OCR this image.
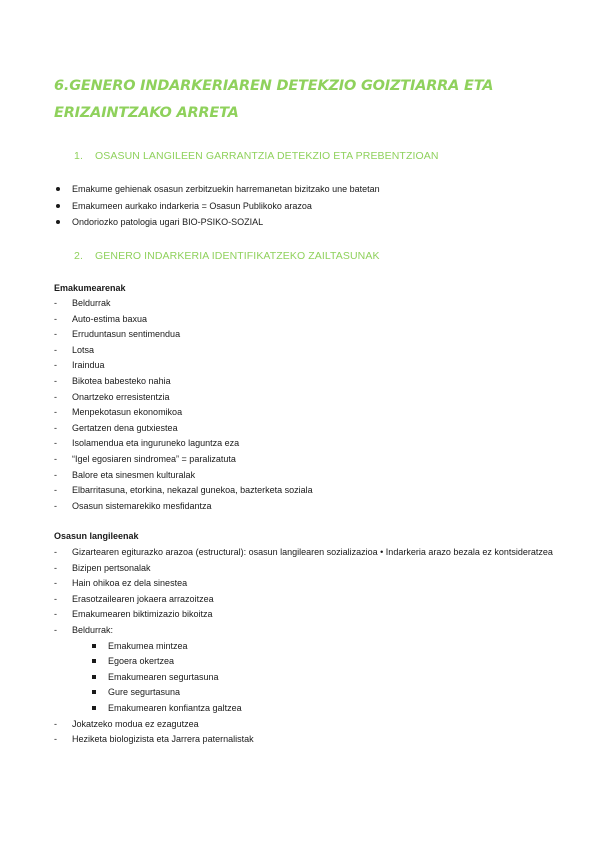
6.GENERO INDARKERIAREN DETEKZIO GOIZTIARRA ETA ERIZAINTZAKO ARRETA
1. OSASUN LANGILEEN GARRANTZIA DETEKZIO ETA PREBENTZIOAN
Emakume gehienak osasun zerbitzuekin harremanetan bizitzako une batetan
Emakumeen aurkako indarkeria = Osasun Publikoko arazoa
Ondoriozko patologia ugari BIO-PSIKO-SOZIAL
2. GENERO INDARKERIA IDENTIFIKATZEKO ZAILTASUNAK
Emakumearenak
- Beldurrak
- Auto-estima baxua
- Erruduntasun sentimendua
- Lotsa
- Iraindua
- Bikotea babesteko nahia
- Onartzeko erresistentzia
- Menpekotasun ekonomikoa
- Gertatzen dena gutxiestea
- Isolamendua eta inguruneko laguntza eza
- “Igel egosiaren sindromea” = paralizatuta
- Balore eta sinesmen kulturalak
- Elbarritasuna, etorkina, nekazal gunekoa, bazterketa soziala
- Osasun sistemarekiko mesfidantza
Osasun langileenak
- Gizartearen egiturazko arazoa (estructural): osasun langilearen sozializazioa • Indarkeria arazo bezala ez kontsideratzea
- Bizipen pertsonalak
- Hain ohikoa ez dela sinestea
- Erasotzailearen jokaera arrazoitzea
- Emakumearen biktimizazio bikoitza
- Beldurrak:
Emakumea mintzea
Egoera okertzea
Emakumearen segurtasuna
Gure segurtasuna
Emakumearen konfiantza galtzea
- Jokatzeko modua ez ezagutzea
- Heziketa biologizista eta Jarrera paternalistak
